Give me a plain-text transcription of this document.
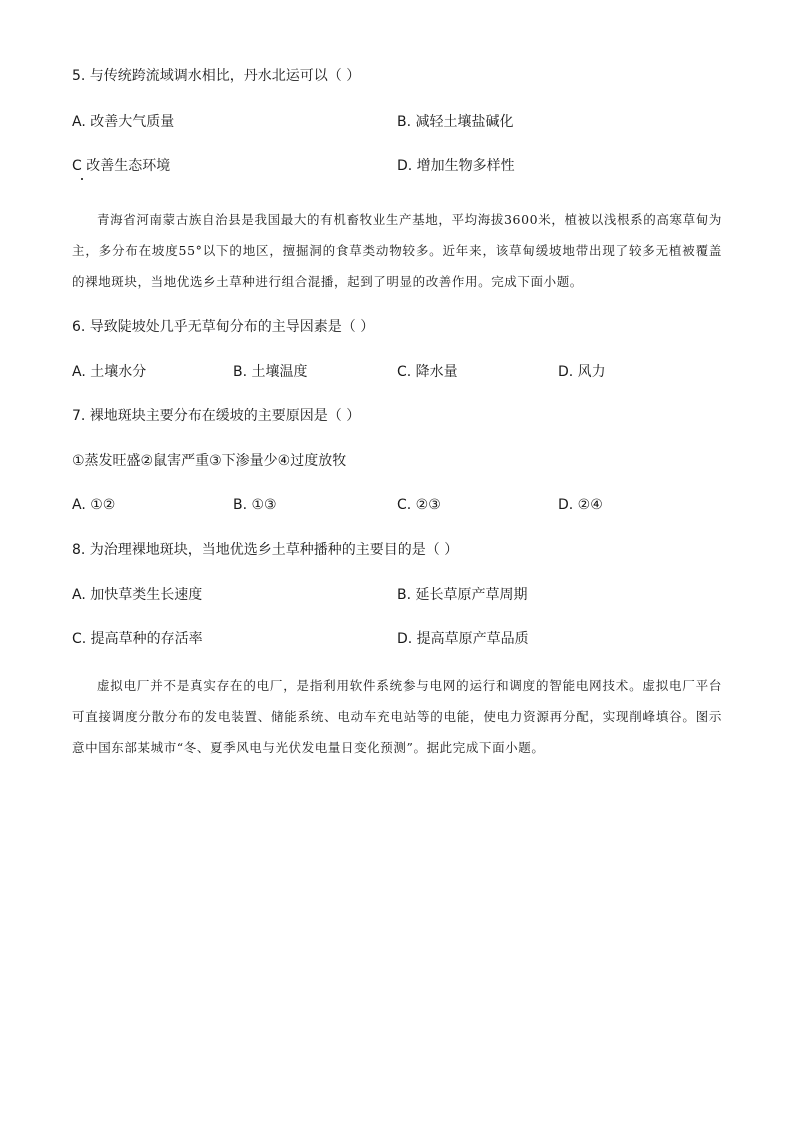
5. 与传统跨流域调水相比，丹水北运可以（ ）
A. 改善大气质量	B. 减轻土壤盐碱化
C 改善生态环境	D. 增加生物多样性
青海省河南蒙古族自治县是我国最大的有机畜牧业生产基地，平均海拔3600米，植被以浅根系的高寒草甸为主，多分布在坡度55°以下的地区，擅掘洞的食草类动物较多。近年来，该草甸缓坡地带出现了较多无植被覆盖的裸地斑块，当地优选乡土草种进行组合混播，起到了明显的改善作用。完成下面小题。
6. 导致陡坡处几乎无草甸分布的主导因素是（ ）
A. 土壤水分	B. 土壤温度	C. 降水量	D. 风力
7. 裸地斑块主要分布在缓坡的主要原因是（ ）
①蒸发旺盛②鼠害严重③下渗量少④过度放牧
A. ①②	B. ①③	C. ②③	D. ②④
8. 为治理裸地斑块，当地优选乡土草种播种的主要目的是（ ）
A. 加快草类生长速度	B. 延长草原产草周期
C. 提高草种的存活率	D. 提高草原产草品质
虚拟电厂并不是真实存在的电厂，是指利用软件系统参与电网的运行和调度的智能电网技术。虚拟电厂平台可直接调度分散分布的发电装置、储能系统、电动车充电站等的电能，使电力资源再分配，实现削峰填谷。图示意中国东部某城市“冬、夏季风电与光伏发电量日变化预测”。据此完成下面小题。
